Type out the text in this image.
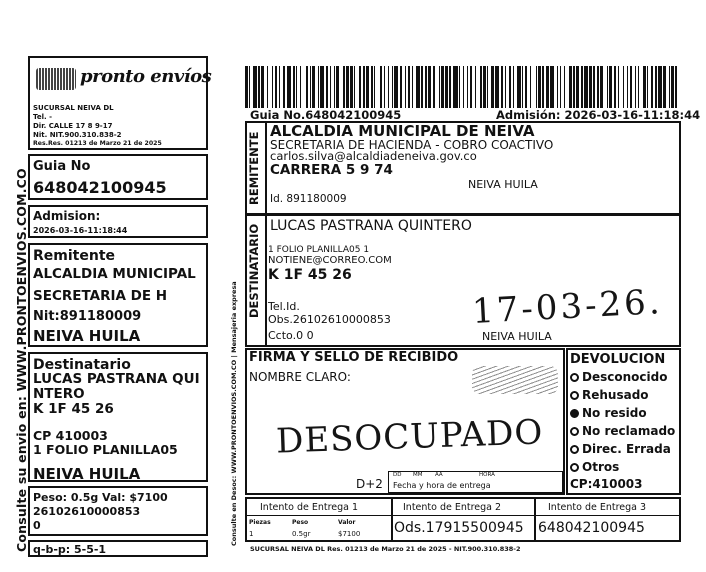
Consulte su envio en: WWW.PRONTOENVIOS.COM.CO
pronto envíos
SUCURSAL NEIVA DL
Tel. -
Dir. CALLE 17 8 9-17
Nit. NIT.900.310.838-2
Res.Res. 01213 de Marzo 21 de 2025
Guia No
648042100945
Admision:
2026-03-16-11:18:44
Remitente
ALCALDIA MUNICIPAL
SECRETARIA DE H
Nit:891180009
NEIVA HUILA
Destinatario
LUCAS PASTRANA QUI
NTERO
K 1F 45 26
CP 410003
1 FOLIO PLANILLA05
NEIVA HUILA
Peso: 0.5g Val: $7100
26102610000853
0
q-b-p: 5-5-1
Guia No.648042100945	Admisión: 2026-03-16-11:18:44
REMITENTE
ALCALDIA MUNICIPAL DE NEIVA
SECRETARIA DE HACIENDA - COBRO COACTIVO
carlos.silva@alcaldiadeneiva.gov.co
CARRERA 5 9 74
NEIVA HUILA
Id. 891180009
DESTINATARIO LUCAS PASTRANA QUINTERO
1 FOLIO PLANILLA05 1
NOTIENE@CORREO.COM
K 1F 45 26
Tel.Id.
Obs.26102610000853
Ccto.0 0	NEIVA HUILA
17-03-26.
Consulte en Desoc: WWW.PRONTOENVIOS.COM.CO | Mensajeria expresa FIRMA Y SELLO DE RECIBIDO
NOMBRE CLARO:
DESOCUPADO
D+2
DD MM AA	HORA
Fecha y hora de entrega
DEVOLUCION
Desconocido
Rehusado
No resido
No reclamado
Direc. Errada
Otros
CP:410003
Intento de Entrega 1	Intento de Entrega 2	Intento de Entrega 3
Piezas	Peso	Valor
1	0.5gr	$7100 Ods.17915500945 648042100945
SUCURSAL NEIVA DL Res. 01213 de Marzo 21 de 2025 - NIT.900.310.838-2
